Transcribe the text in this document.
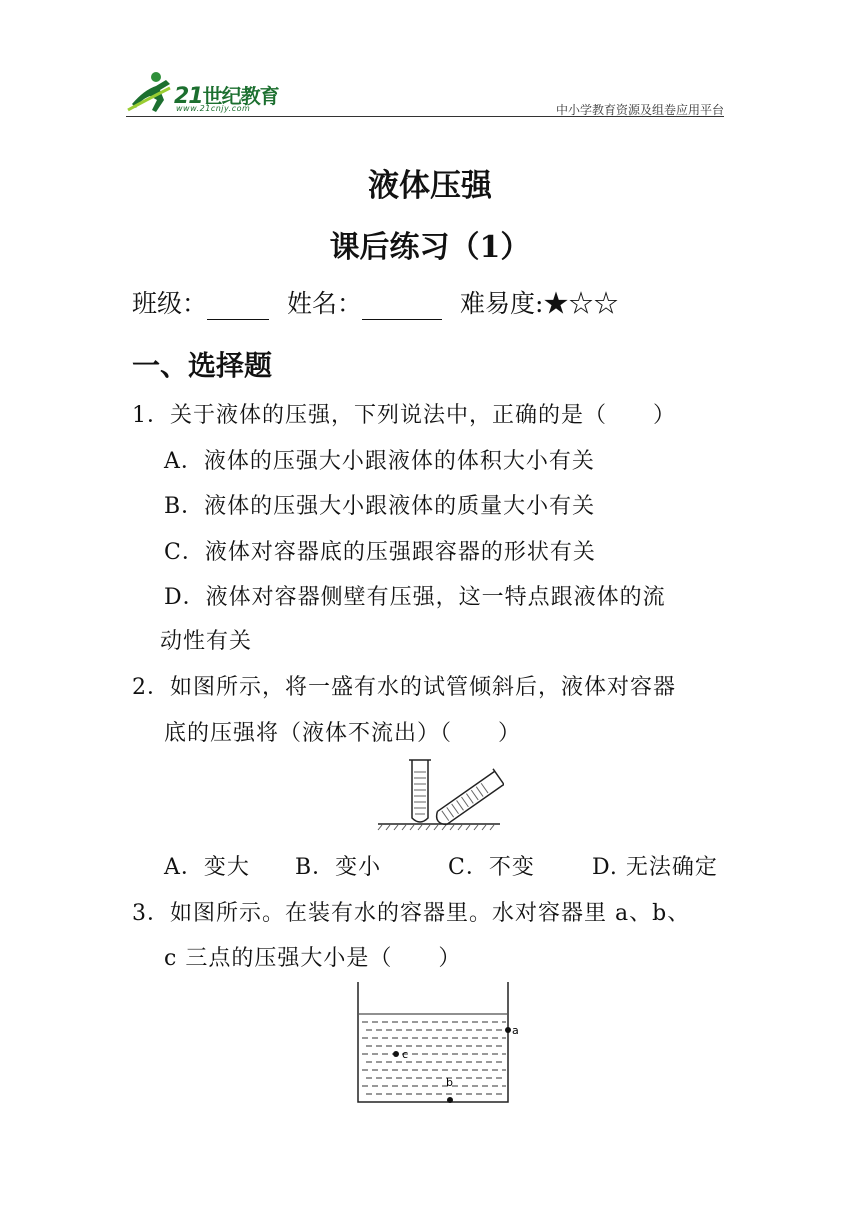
21世纪教育
www.21cnjy.com	中小学教育资源及组卷应用平台
液体压强
课后练习（1）
班级：	姓名：	难易度:★☆☆
一、选择题
1．关于液体的压强，下列说法中，正确的是（　　）
A．液体的压强大小跟液体的体积大小有关
B．液体的压强大小跟液体的质量大小有关
C．液体对容器底的压强跟容器的形状有关
D．液体对容器侧壁有压强，这一特点跟液体的流
动性有关
2．如图所示，将一盛有水的试管倾斜后，液体对容器
底的压强将（液体不流出）（　　）
A．变大 B．变小	C．不变	D. 无法确定
3．如图所示。在装有水的容器里。水对容器里 a、b、
c 三点的压强大小是（　　）
a
c
b
